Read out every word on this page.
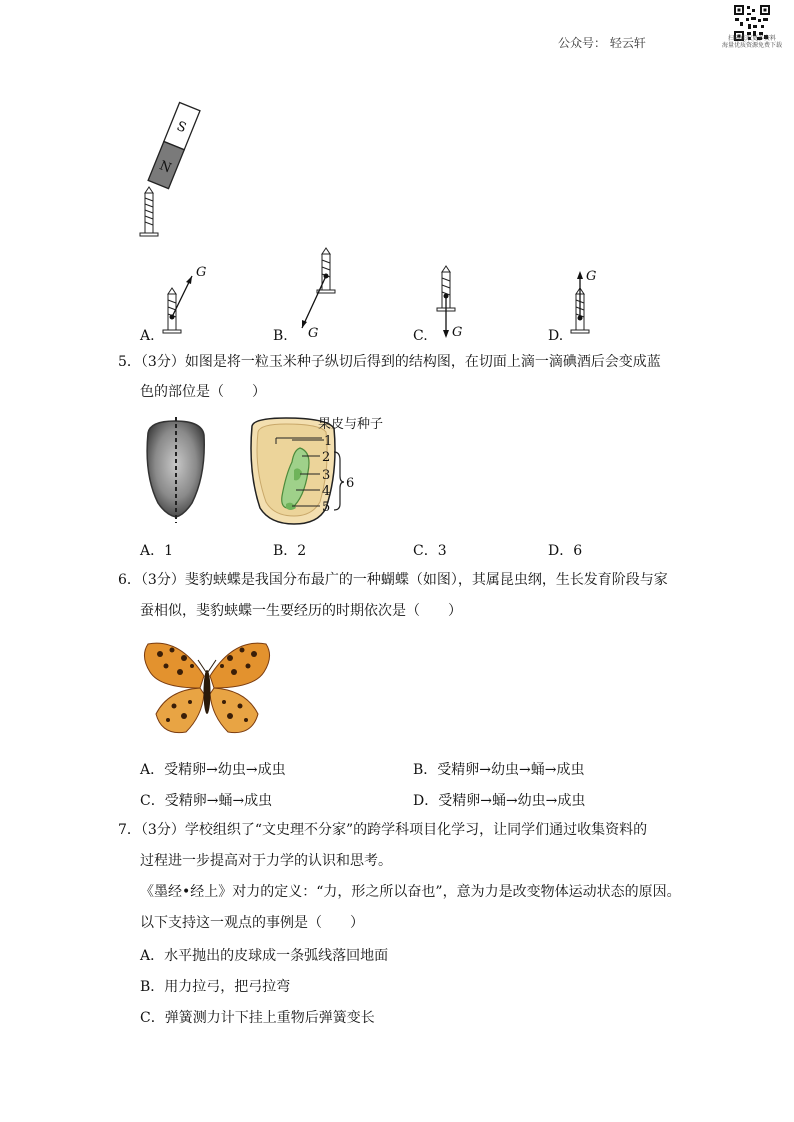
公众号： 轻云轩	扫码获取更多资料
海量优质资源免费下载
S
N
G
A.	G
B.	G
C.
G
D.
5．（3分）如图是将一粒玉米种子纵切后得到的结构图，在切面上滴一滴碘酒后会变成蓝
色的部位是（　　）
果皮与种子
1
2
3
4
5
6
A．1	B．2	C．3	D．6
6．（3分）斐豹蛱蝶是我国分布最广的一种蝴蝶（如图），其属昆虫纲，生长发育阶段与家
蚕相似，斐豹蛱蝶一生要经历的时期依次是（　　）
A．受精卵→幼虫→成虫	B．受精卵→幼虫→蛹→成虫
C．受精卵→蛹→成虫	D．受精卵→蛹→幼虫→成虫
7．（3分）学校组织了“文史理不分家”的跨学科项目化学习，让同学们通过收集资料的
过程进一步提高对于力学的认识和思考。
《墨经•经上》对力的定义：“力，形之所以奋也”，意为力是改变物体运动状态的原因。
以下支持这一观点的事例是（　　）
A．水平抛出的皮球成一条弧线落回地面
B．用力拉弓，把弓拉弯
C．弹簧测力计下挂上重物后弹簧变长
